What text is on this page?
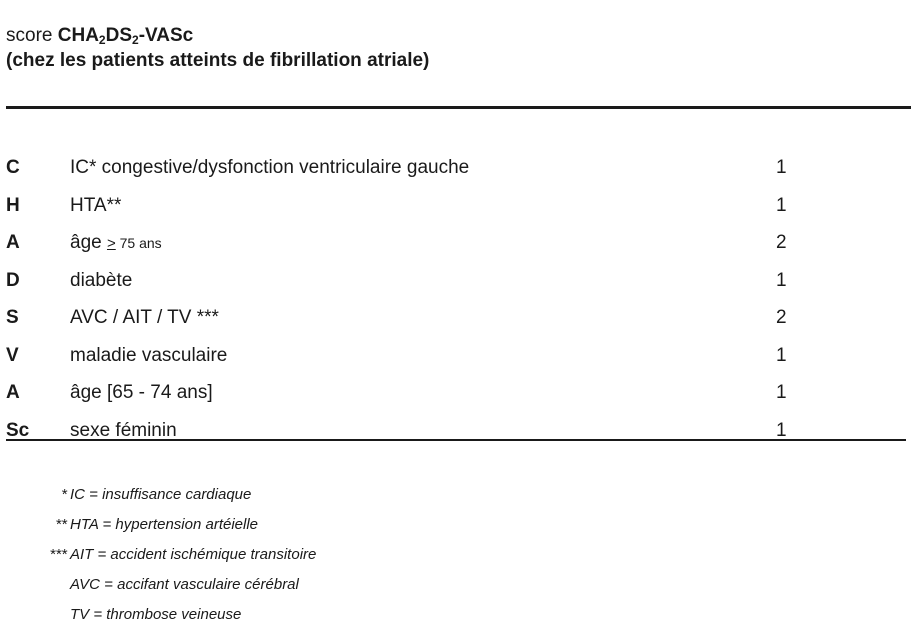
score $CHA_2DS_2$-VASc
(chez les patients atteints de fibrillation atriale)
C	IC* congestive/dysfonction ventriculaire gauche	1
H	HTA**	1
A	âge ≥ 75 ans	2
D	diabète	1
S	AVC / AIT / TV ***	2
V	maladie vasculaire	1
A	âge [65 - 74 ans]	1
Sc sexe féminin	1
* IC = insuffisance cardiaque
** HTA = hypertension artéielle
*** AIT = accident ischémique transitoire
AVC = accifant vasculaire cérébral
TV = thrombose veineuse
